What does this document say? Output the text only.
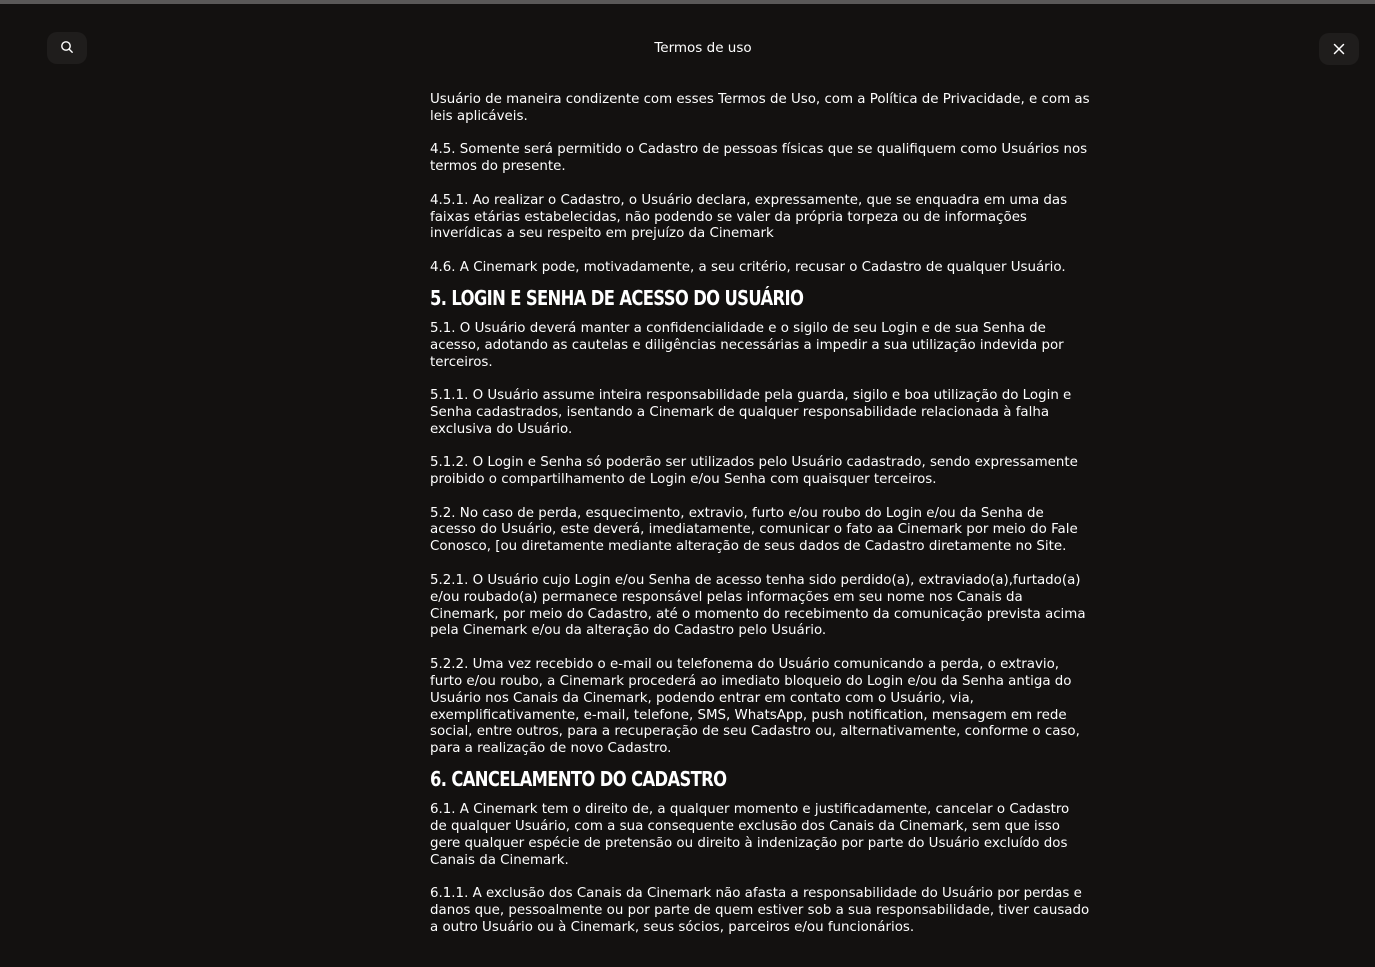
Termos de uso

Usuário de maneira condizente com esses Termos de Uso, com a Política de Privacidade, e com as leis aplicáveis.

4.5. Somente será permitido o Cadastro de pessoas físicas que se qualifiquem como Usuários nos termos do presente.

4.5.1. Ao realizar o Cadastro, o Usuário declara, expressamente, que se enquadra em uma das faixas etárias estabelecidas, não podendo se valer da própria torpeza ou de informações inverídicas a seu respeito em prejuízo da Cinemark

4.6. A Cinemark pode, motivadamente, a seu critério, recusar o Cadastro de qualquer Usuário.

5. LOGIN E SENHA DE ACESSO DO USUÁRIO

5.1. O Usuário deverá manter a confidencialidade e o sigilo de seu Login e de sua Senha de acesso, adotando as cautelas e diligências necessárias a impedir a sua utilização indevida por terceiros.

5.1.1. O Usuário assume inteira responsabilidade pela guarda, sigilo e boa utilização do Login e Senha cadastrados, isentando a Cinemark de qualquer responsabilidade relacionada à falha exclusiva do Usuário.

5.1.2. O Login e Senha só poderão ser utilizados pelo Usuário cadastrado, sendo expressamente proibido o compartilhamento de Login e/ou Senha com quaisquer terceiros.

5.2. No caso de perda, esquecimento, extravio, furto e/ou roubo do Login e/ou da Senha de acesso do Usuário, este deverá, imediatamente, comunicar o fato aa Cinemark por meio do Fale Conosco, [ou diretamente mediante alteração de seus dados de Cadastro diretamente no Site.

5.2.1. O Usuário cujo Login e/ou Senha de acesso tenha sido perdido(a), extraviado(a),furtado(a) e/ou roubado(a) permanece responsável pelas informações em seu nome nos Canais da Cinemark, por meio do Cadastro, até o momento do recebimento da comunicação prevista acima pela Cinemark e/ou da alteração do Cadastro pelo Usuário.

5.2.2. Uma vez recebido o e-mail ou telefonema do Usuário comunicando a perda, o extravio, furto e/ou roubo, a Cinemark procederá ao imediato bloqueio do Login e/ou da Senha antiga do Usuário nos Canais da Cinemark, podendo entrar em contato com o Usuário, via, exemplificativamente, e-mail, telefone, SMS, WhatsApp, push notification, mensagem em rede social, entre outros, para a recuperação de seu Cadastro ou, alternativamente, conforme o caso, para a realização de novo Cadastro.

6. CANCELAMENTO DO CADASTRO

6.1. A Cinemark tem o direito de, a qualquer momento e justificadamente, cancelar o Cadastro de qualquer Usuário, com a sua consequente exclusão dos Canais da Cinemark, sem que isso gere qualquer espécie de pretensão ou direito à indenização por parte do Usuário excluído dos Canais da Cinemark.

6.1.1. A exclusão dos Canais da Cinemark não afasta a responsabilidade do Usuário por perdas e danos que, pessoalmente ou por parte de quem estiver sob a sua responsabilidade, tiver causado a outro Usuário ou à Cinemark, seus sócios, parceiros e/ou funcionários.
